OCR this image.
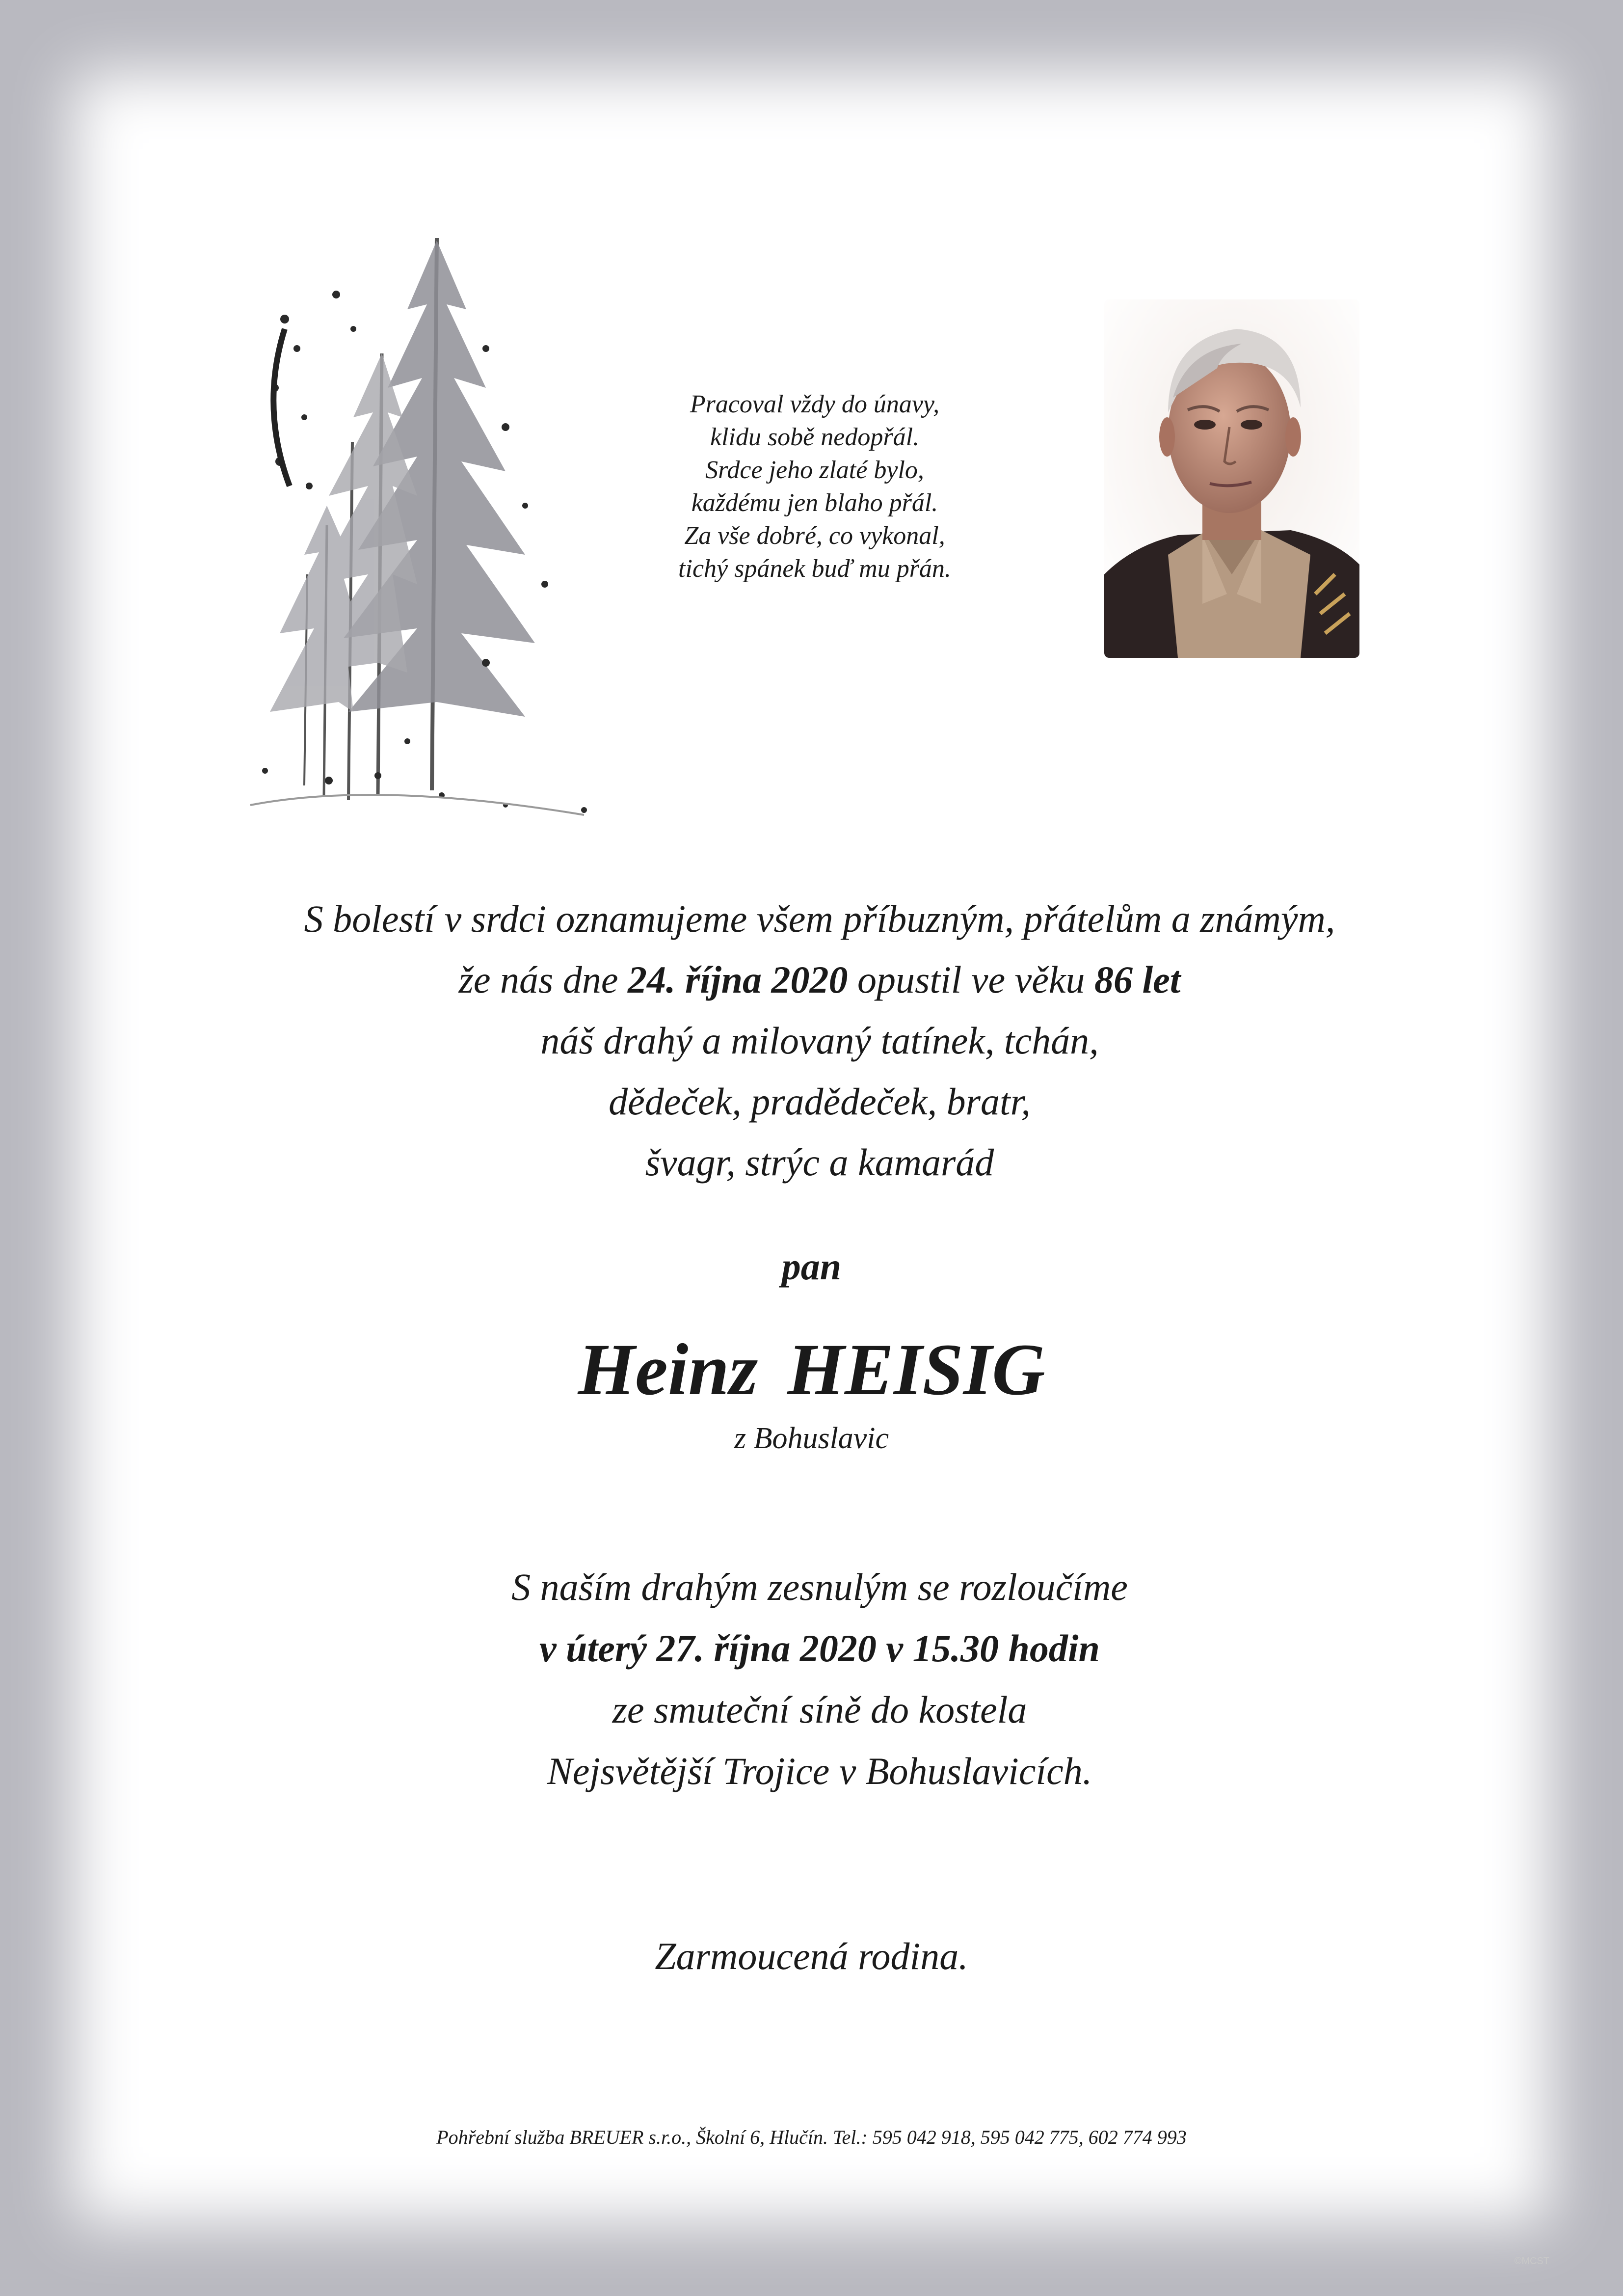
Pracoval vždy do únavy,
klidu sobě nedopřál.
Srdce jeho zlaté bylo,
každému jen blaho přál.
Za vše dobré, co vykonal,
tichý spánek buď mu přán.
S bolestí v srdci oznamujeme všem příbuzným, přátelům a známým,
že nás dne 24. října 2020 opustil ve věku 86 let
náš drahý a milovaný tatínek, tchán,
dědeček, pradědeček, bratr,
švagr, strýc a kamarád
pan
Heinz HEISIG
z Bohuslavic
S naším drahým zesnulým se rozloučíme
v úterý 27. října 2020 v 15.30 hodin
ze smuteční síně do kostela
Nejsvětější Trojice v Bohuslavicích.
Zarmoucená rodina.
Pohřební služba BREUER s.r.o., Školní 6, Hlučín. Tel.: 595 042 918, 595 042 775, 602 774 993
©MCST
